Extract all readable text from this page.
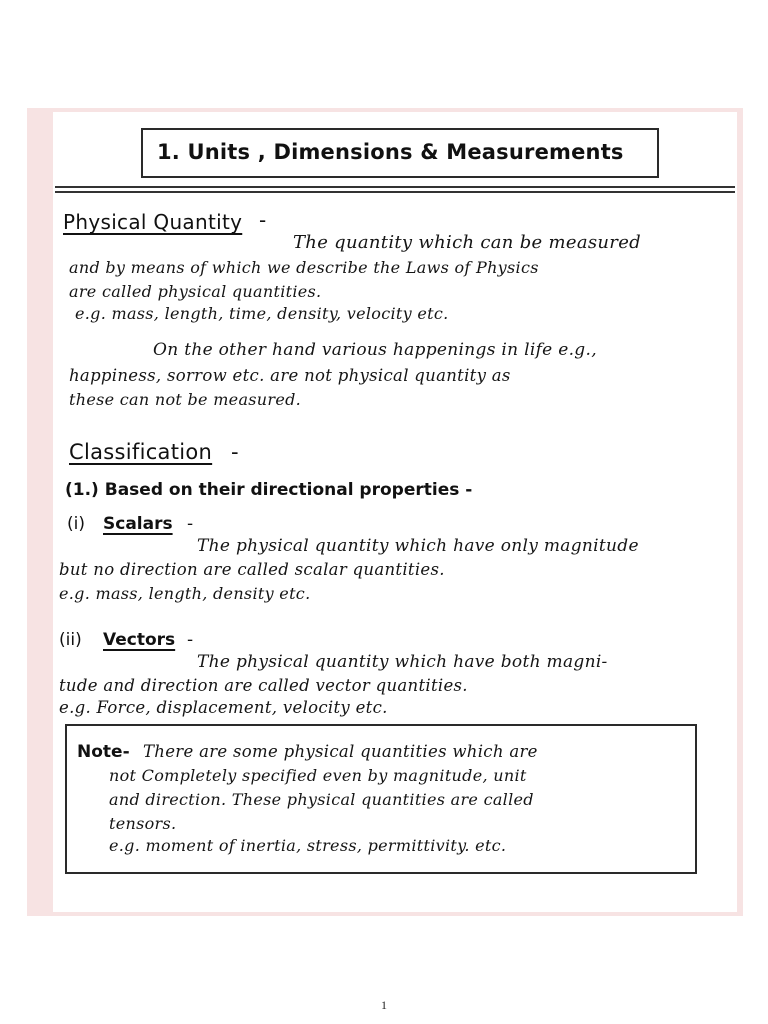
1. Units , Dimensions & Measurements

Physical Quantity -

The quantity which can be measured

and by means of which we describe the Laws of Physics

are called physical quantities.

e.g. mass, length, time, density, velocity etc.

On the other hand various happenings in life e.g.,

happiness, sorrow etc. are not physical quantity as

these can not be measured.

Classification -

(1.) Based on their directional properties -

(i) Scalars -

The physical quantity which have only magnitude

but no direction are called scalar quantities.

e.g. mass, length, density etc.

(ii) Vectors -

The physical quantity which have both magni-

tude and direction are called vector quantities.

e.g. Force, displacement, velocity etc.

Note- There are some physical quantities which are

not Completely specified even by magnitude, unit

and direction. These physical quantities are called

tensors.

e.g. moment of inertia, stress, permittivity. etc.

1
